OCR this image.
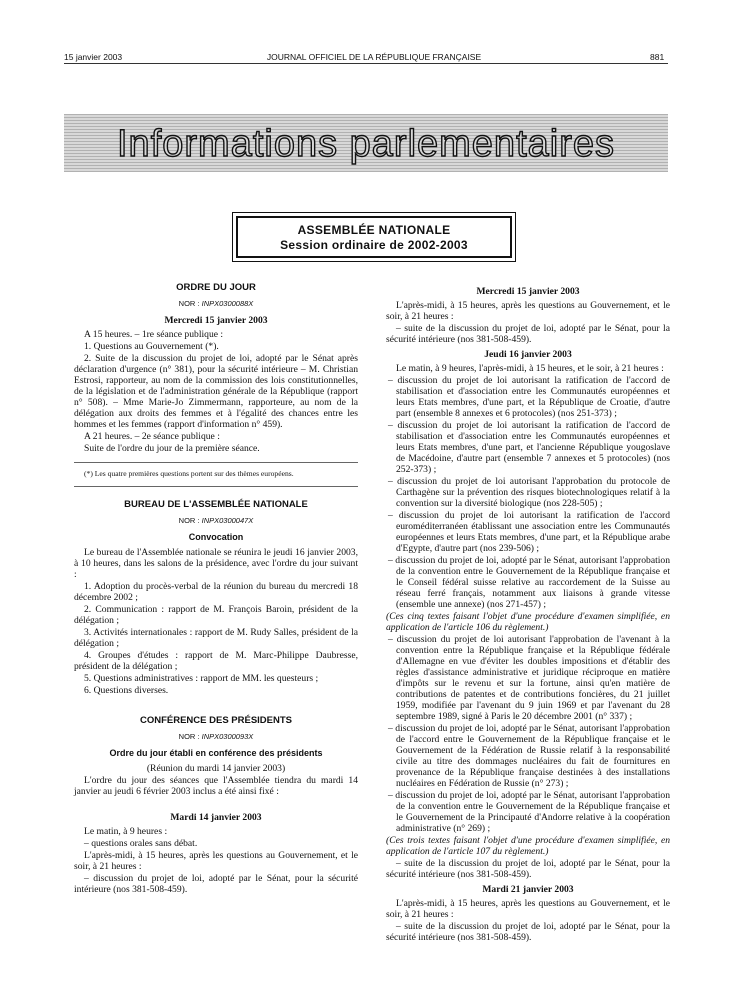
15 janvier 2003	JOURNAL OFFICIEL DE LA RÉPUBLIQUE FRANÇAISE	881
Informations parlementaires
ASSEMBLÉE NATIONALE
Session ordinaire de 2002-2003
ORDRE DU JOUR
NOR : INPX0300088X
Mercredi 15 janvier 2003

A 15 heures. – 1re séance publique :

1. Questions au Gouvernement (*).

2. Suite de la discussion du projet de loi, adopté par le Sénat après déclaration d'urgence (n° 381), pour la sécurité intérieure – M. Christian Estrosi, rapporteur, au nom de la commission des lois constitutionnelles, de la législation et de l'administration générale de la République (rapport n° 508). – Mme Marie-Jo Zimmermann, rapporteure, au nom de la délégation aux droits des femmes et à l'égalité des chances entre les hommes et les femmes (rapport d'information n° 459).

A 21 heures. – 2e séance publique :

Suite de l'ordre du jour de la première séance.

(*) Les quatre premières questions portent sur des thèmes européens.

BUREAU DE L'ASSEMBLÉE NATIONALE
NOR : INPX0300047X
Convocation

Le bureau de l'Assemblée nationale se réunira le jeudi 16 janvier 2003, à 10 heures, dans les salons de la présidence, avec l'ordre du jour suivant :

1. Adoption du procès-verbal de la réunion du bureau du mercredi 18 décembre 2002 ;

2. Communication : rapport de M. François Baroin, président de la délégation ;

3. Activités internationales : rapport de M. Rudy Salles, président de la délégation ;

4. Groupes d'études : rapport de M. Marc-Philippe Daubresse, président de la délégation ;

5. Questions administratives : rapport de MM. les questeurs ;

6. Questions diverses.

CONFÉRENCE DES PRÉSIDENTS
NOR : INPX0300093X
Ordre du jour établi en conférence des présidents

(Réunion du mardi 14 janvier 2003)

L'ordre du jour des séances que l'Assemblée tiendra du mardi 14 janvier au jeudi 6 février 2003 inclus a été ainsi fixé :

Mardi 14 janvier 2003

Le matin, à 9 heures :

– questions orales sans débat.

L'après-midi, à 15 heures, après les questions au Gouvernement, et le soir, à 21 heures :

– discussion du projet de loi, adopté par le Sénat, pour la sécurité intérieure (nos 381-508-459).

Mercredi 15 janvier 2003

L'après-midi, à 15 heures, après les questions au Gouvernement, et le soir, à 21 heures :

– suite de la discussion du projet de loi, adopté par le Sénat, pour la sécurité intérieure (nos 381-508-459).

Jeudi 16 janvier 2003

Le matin, à 9 heures, l'après-midi, à 15 heures, et le soir, à 21 heures :

– discussion du projet de loi autorisant la ratification de l'accord de stabilisation et d'association entre les Communautés européennes et leurs Etats membres, d'une part, et la République de Croatie, d'autre part (ensemble 8 annexes et 6 protocoles) (nos 251-373) ;
– discussion du projet de loi autorisant la ratification de l'accord de stabilisation et d'association entre les Communautés européennes et leurs Etats membres, d'une part, et l'ancienne République yougoslave de Macédoine, d'autre part (ensemble 7 annexes et 5 protocoles) (nos 252-373) ;
– discussion du projet de loi autorisant l'approbation du protocole de Carthagène sur la prévention des risques biotechnologiques relatif à la convention sur la diversité biologique (nos 228-505) ;
– discussion du projet de loi autorisant la ratification de l'accord euroméditerranéen établissant une association entre les Communautés européennes et leurs Etats membres, d'une part, et la République arabe d'Egypte, d'autre part (nos 239-506) ;
– discussion du projet de loi, adopté par le Sénat, autorisant l'approbation de la convention entre le Gouvernement de la République française et le Conseil fédéral suisse relative au raccordement de la Suisse au réseau ferré français, notamment aux liaisons à grande vitesse (ensemble une annexe) (nos 271-457) ;

(Ces cinq textes faisant l'objet d'une procédure d'examen simplifiée, en application de l'article 106 du règlement.)

– discussion du projet de loi autorisant l'approbation de l'avenant à la convention entre la République française et la République fédérale d'Allemagne en vue d'éviter les doubles impositions et d'établir des règles d'assistance administrative et juridique réciproque en matière d'impôts sur le revenu et sur la fortune, ainsi qu'en matière de contributions de patentes et de contributions foncières, du 21 juillet 1959, modifiée par l'avenant du 9 juin 1969 et par l'avenant du 28 septembre 1989, signé à Paris le 20 décembre 2001 (n° 337) ;
– discussion du projet de loi, adopté par le Sénat, autorisant l'approbation de l'accord entre le Gouvernement de la République française et le Gouvernement de la Fédération de Russie relatif à la responsabilité civile au titre des dommages nucléaires du fait de fournitures en provenance de la République française destinées à des installations nucléaires en Fédération de Russie (n° 273) ;
– discussion du projet de loi, adopté par le Sénat, autorisant l'approbation de la convention entre le Gouvernement de la République française et le Gouvernement de la Principauté d'Andorre relative à la coopération administrative (n° 269) ;

(Ces trois textes faisant l'objet d'une procédure d'examen simplifiée, en application de l'article 107 du règlement.)

– suite de la discussion du projet de loi, adopté par le Sénat, pour la sécurité intérieure (nos 381-508-459).

Mardi 21 janvier 2003

L'après-midi, à 15 heures, après les questions au Gouvernement, et le soir, à 21 heures :

– suite de la discussion du projet de loi, adopté par le Sénat, pour la sécurité intérieure (nos 381-508-459).
